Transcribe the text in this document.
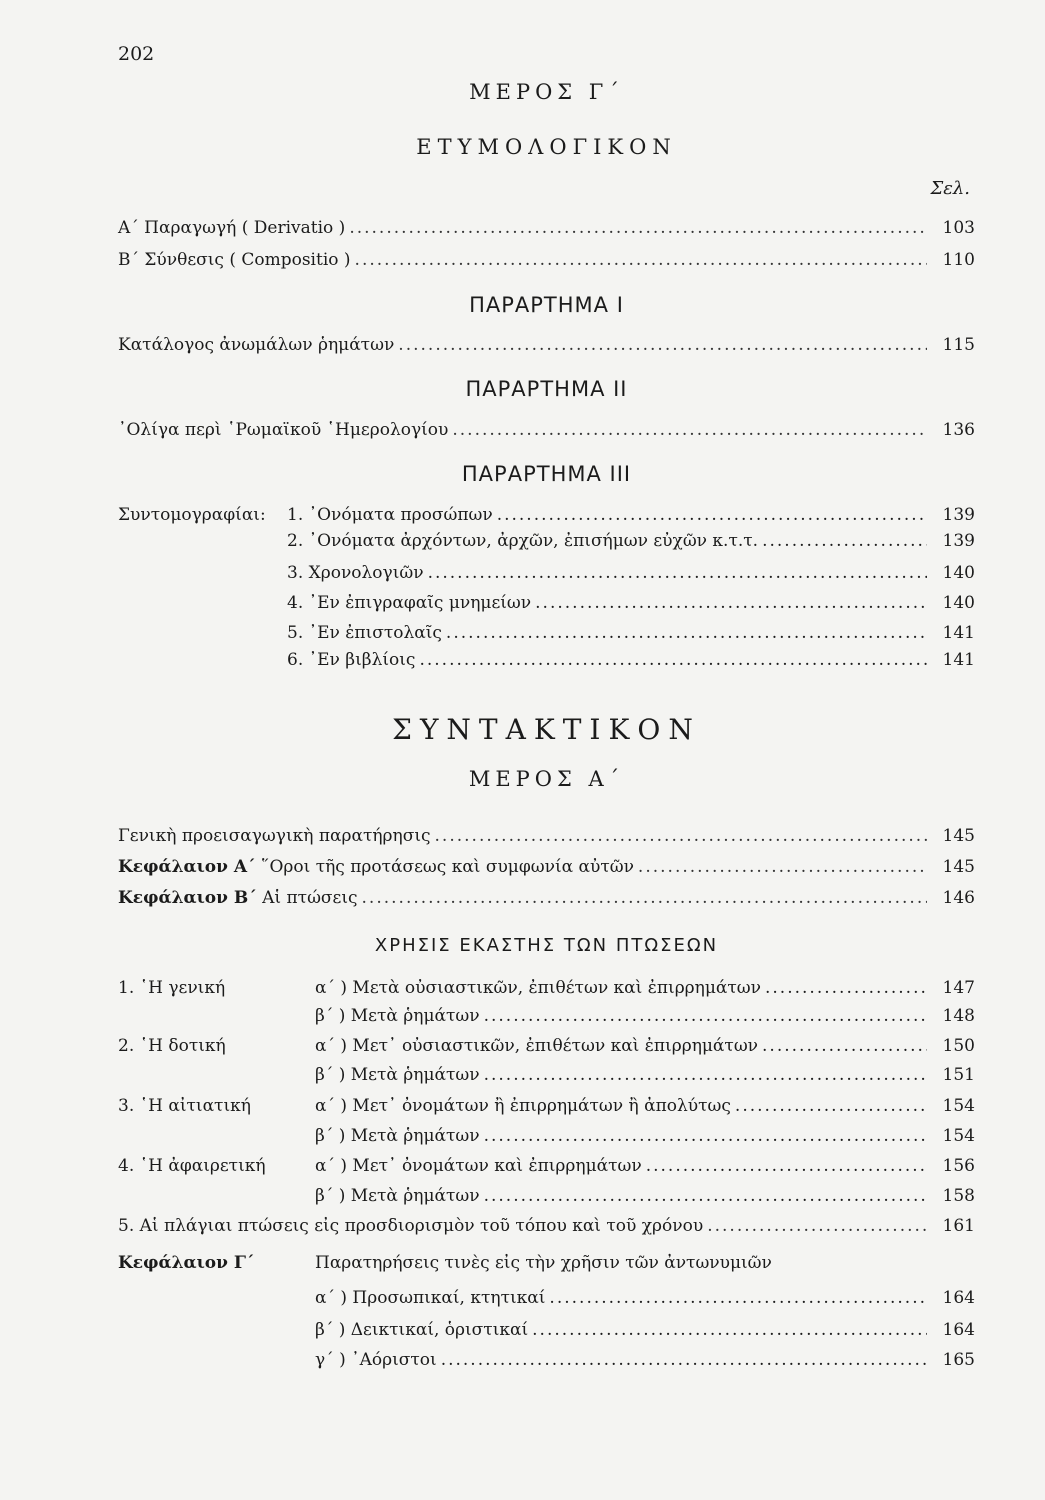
202
ΜΕΡΟΣ Γ΄
ΕΤΥΜΟΛΟΓΙΚΟΝ
Σελ.
Α΄ Παραγωγή ( Derivatio ) .....	103
Β΄ Σύνθεσις ( Compositio ) .....	110
ΠΑΡΑΡΤΗΜΑ I
Κατάλογος ἀνωμάλων ῥημάτων .....	115
ΠΑΡΑΡΤΗΜΑ II
᾿Ολίγα περὶ ῾Ρωμαϊκοῦ ῾Ημερολογίου .....	136
ΠΑΡΑΡΤΗΜΑ III
Συντομογραφίαι: 1. ᾿Ονόματα προσώπων .....	139
2. ᾿Ονόματα ἀρχόντων, ἀρχῶν, ἐπισήμων εὐχῶν κ.τ.τ. .....	139
3. Χρονολογιῶν .....	140
4. ᾿Εν ἐπιγραφαῖς μνημείων .....	140
5. ᾿Εν ἐπιστολαῖς .....	141
6. ᾿Εν βιβλίοις .....	141
ΣΥΝΤΑΚΤΙΚΟΝ
ΜΕΡΟΣ Α΄
Γενικὴ προεισαγωγικὴ παρατήρησις .....	145
Κεφάλαιον Α΄ ῞Οροι τῆς προτάσεως καὶ συμφωνία αὐτῶν .....	145
Κεφάλαιον Β΄ Αἱ πτώσεις .....	146
ΧΡΗΣΙΣ ΕΚΑΣΤΗΣ ΤΩΝ ΠΤΩΣΕΩΝ
1. ῾Η γενική	α΄ ) Μετὰ οὐσιαστικῶν, ἐπιθέτων καὶ ἐπιρρημάτων .....	147
β΄ ) Μετὰ ῥημάτων .....	148
2. ῾Η δοτική	α΄ ) Μετ᾿ οὐσιαστικῶν, ἐπιθέτων καὶ ἐπιρρημάτων .....	150
β΄ ) Μετὰ ῥημάτων .....	151
3. ῾Η αἰτιατική	α΄ ) Μετ᾿ ὀνομάτων ἢ ἐπιρρημάτων ἢ ἀπολύτως .....	154
β΄ ) Μετὰ ῥημάτων .....	154
4. ῾Η ἀφαιρετική	α΄ ) Μετ᾿ ὀνομάτων καὶ ἐπιρρημάτων .....	156
β΄ ) Μετὰ ῥημάτων .....	158
5. Αἱ πλάγιαι πτώσεις εἰς προσδιορισμὸν τοῦ τόπου καὶ τοῦ χρόνου .....	161
Κεφάλαιον Γ΄	Παρατηρήσεις τινὲς εἰς τὴν χρῆσιν τῶν ἀντωνυμιῶν
α΄ ) Προσωπικαί, κτητικαί .....	164
β΄ ) Δεικτικαί, ὁριστικαί .....	164
γ΄ ) ᾿Αόριστοι .....	165
